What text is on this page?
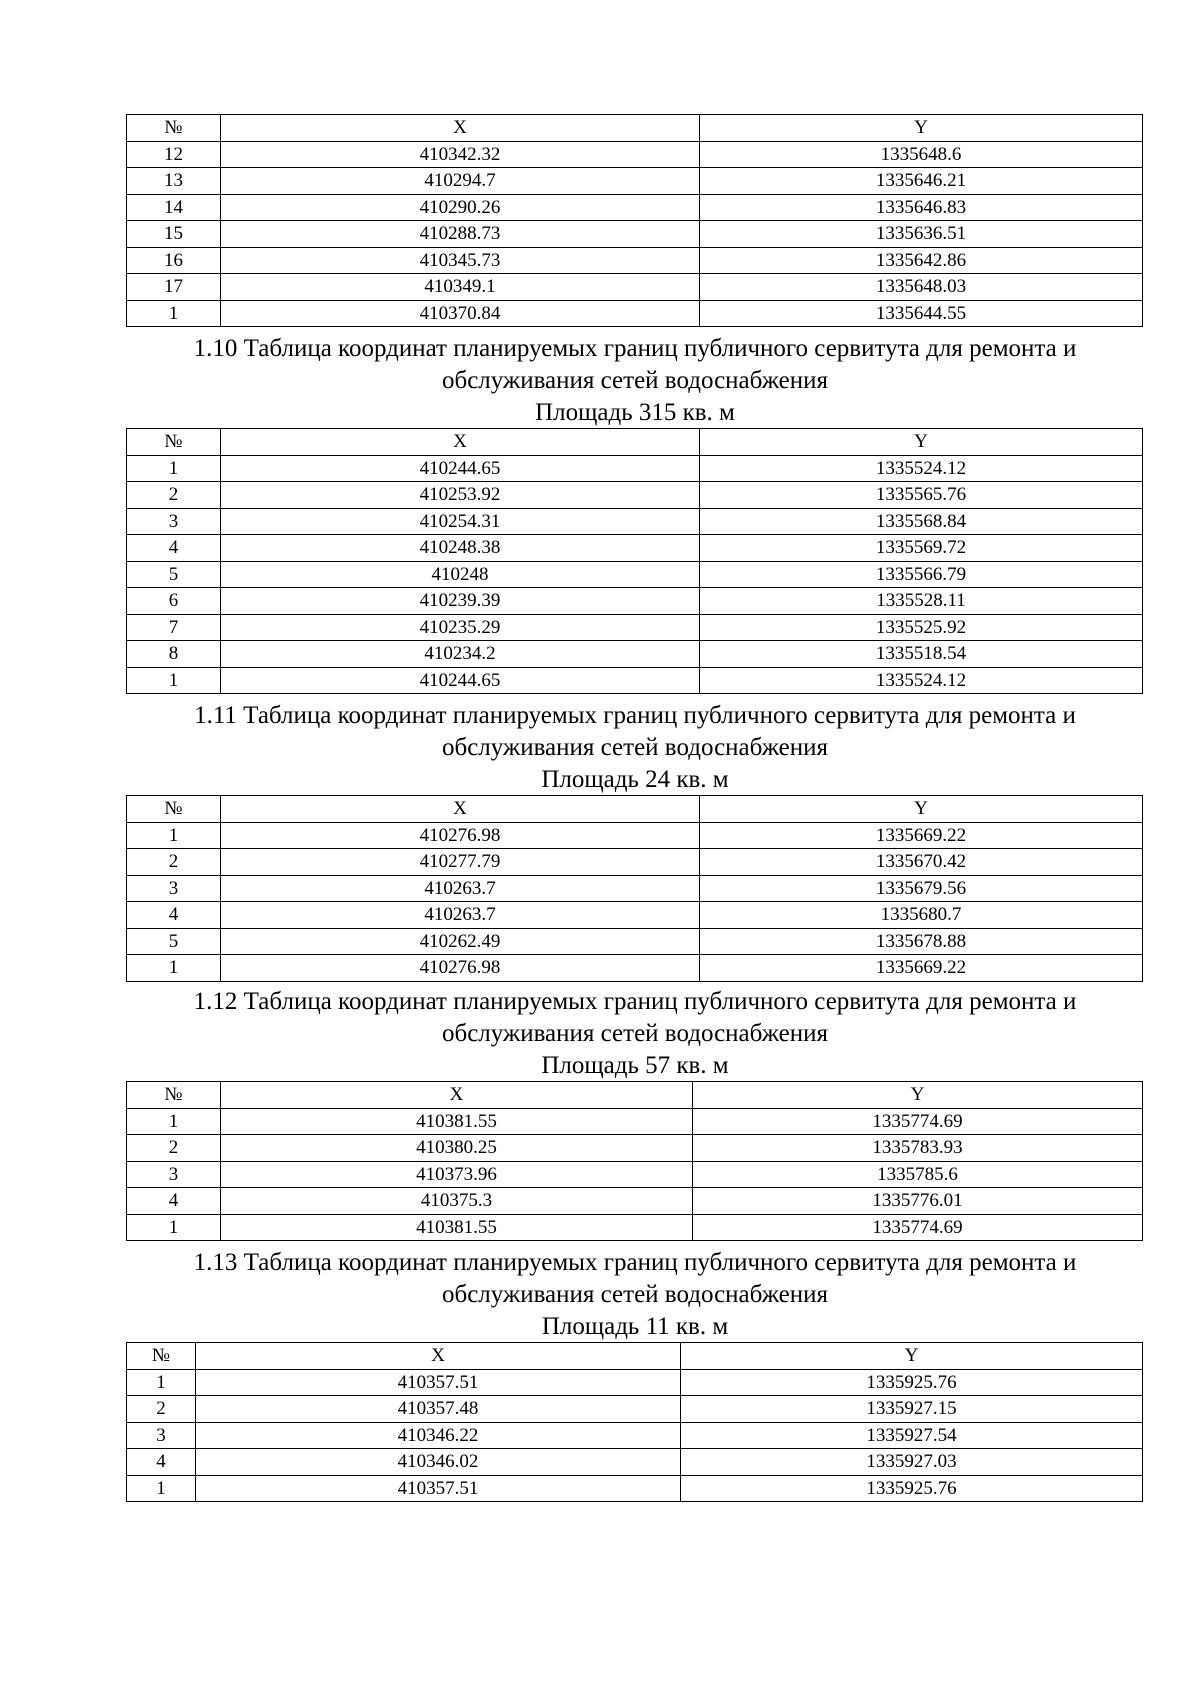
№	X	Y
12	410342.32	1335648.6
13	410294.7	1335646.21
14	410290.26	1335646.83
15	410288.73	1335636.51
16	410345.73	1335642.86
17	410349.1	1335648.03
1	410370.84	1335644.55
1.10 Таблица координат планируемых границ публичного сервитута для ремонта и
обслуживания сетей водоснабжения
Площадь 315 кв. м
№	X	Y
1	410244.65	1335524.12
2	410253.92	1335565.76
3	410254.31	1335568.84
4	410248.38	1335569.72
5	410248	1335566.79
6	410239.39	1335528.11
7	410235.29	1335525.92
8	410234.2	1335518.54
1	410244.65	1335524.12
1.11 Таблица координат планируемых границ публичного сервитута для ремонта и
обслуживания сетей водоснабжения
Площадь 24 кв. м
№	X	Y
1	410276.98	1335669.22
2	410277.79	1335670.42
3	410263.7	1335679.56
4	410263.7	1335680.7
5	410262.49	1335678.88
1	410276.98	1335669.22
1.12 Таблица координат планируемых границ публичного сервитута для ремонта и
обслуживания сетей водоснабжения
Площадь 57 кв. м
№	X	Y
1	410381.55	1335774.69
2	410380.25	1335783.93
3	410373.96	1335785.6
4	410375.3	1335776.01
1	410381.55	1335774.69
1.13 Таблица координат планируемых границ публичного сервитута для ремонта и
обслуживания сетей водоснабжения
Площадь 11 кв. м
№	X	Y
1	410357.51	1335925.76
2	410357.48	1335927.15
3	410346.22	1335927.54
4	410346.02	1335927.03
1	410357.51	1335925.76
